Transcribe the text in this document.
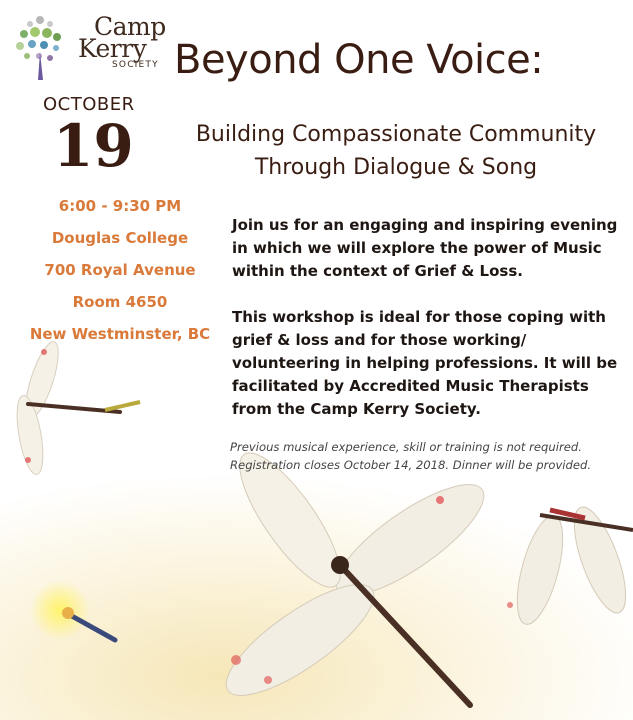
Camp
Kerry
SOCIETY Beyond One Voice:
OCTOBER
19	Building Compassionate Community
Through Dialogue & Song
6:00 - 9:30 PM
Douglas College
700 Royal Avenue
Room 4650
New Westminster, BC

Join us for an engaging and inspiring evening in which we will explore the power of Music within the context of Grief & Loss.

This workshop is ideal for those coping with grief & loss and for those working/ volunteering in helping professions. It will be facilitated by Accredited Music Therapists from the Camp Kerry Society.

Previous musical experience, skill or training is not required.
Registration closes October 14, 2018. Dinner will be provided.
